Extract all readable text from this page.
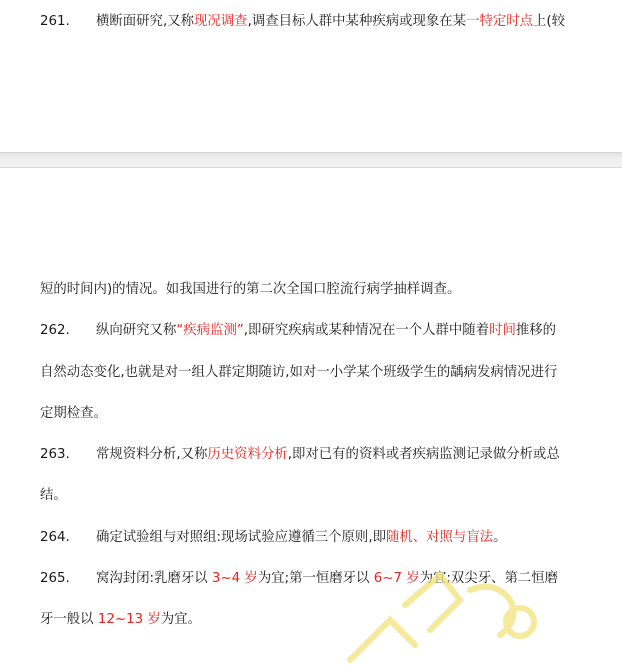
261. 横断面研究,又称现况调查,调查目标人群中某种疾病或现象在某一特定时点上(较
短的时间内)的情况。如我国进行的第二次全国口腔流行病学抽样调查。
262. 纵向研究又称“疾病监测”,即研究疾病或某种情况在一个人群中随着时间推移的
自然动态变化,也就是对一组人群定期随访,如对一小学某个班级学生的龋病发病情况进行
定期检查。
263. 常规资料分析,又称历史资料分析,即对已有的资料或者疾病监测记录做分析或总
结。
264. 确定试验组与对照组:现场试验应遵循三个原则,即随机、对照与盲法。
265. 窝沟封闭:乳磨牙以 3~4 岁为宜;第一恒磨牙以 6~7 岁为宜;双尖牙、第二恒磨
牙一般以 12~13 岁为宜。
